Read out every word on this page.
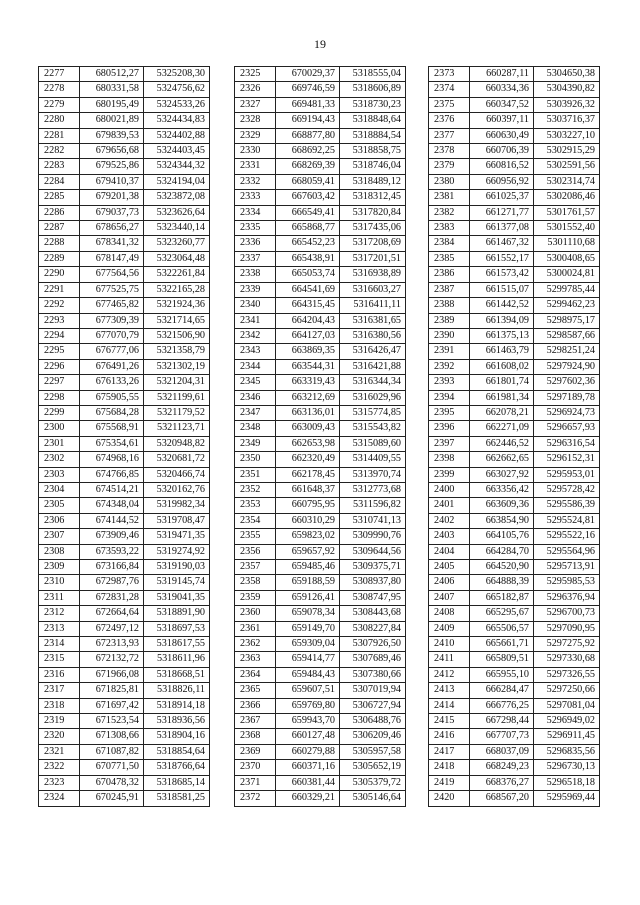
19
2277	680512,27	5325208,30
2278	680331,58	5324756,62
2279	680195,49	5324533,26
2280	680021,89	5324434,83
2281	679839,53	5324402,88
2282	679656,68	5324403,45
2283	679525,86	5324344,32
2284	679410,37	5324194,04
2285	679201,38	5323872,08
2286	679037,73	5323626,64
2287	678656,27	5323440,14
2288	678341,32	5323260,77
2289	678147,49	5323064,48
2290	677564,56	5322261,84
2291	677525,75	5322165,28
2292	677465,82	5321924,36
2293	677309,39	5321714,65
2294	677070,79	5321506,90
2295	676777,06	5321358,79
2296	676491,26	5321302,19
2297	676133,26	5321204,31
2298	675905,55	5321199,61
2299	675684,28	5321179,52
2300	675568,91	5321123,71
2301	675354,61	5320948,82
2302	674968,16	5320681,72
2303	674766,85	5320466,74
2304	674514,21	5320162,76
2305	674348,04	5319982,34
2306	674144,52	5319708,47
2307	673909,46	5319471,35
2308	673593,22	5319274,92
2309	673166,84	5319190,03
2310	672987,76	5319145,74
2311	672831,28	5319041,35
2312	672664,64	5318891,90
2313	672497,12	5318697,53
2314	672313,93	5318617,55
2315	672132,72	5318611,96
2316	671966,08	5318668,51
2317	671825,81	5318826,11
2318	671697,42	5318914,18
2319	671523,54	5318936,56
2320	671308,66	5318904,16
2321	671087,82	5318854,64
2322	670771,50	5318766,64
2323	670478,32	5318685,14
2324	670245,91	5318581,25
2325	670029,37	5318555,04
2326	669746,59	5318606,89
2327	669481,33	5318730,23
2328	669194,43	5318848,64
2329	668877,80	5318884,54
2330	668692,25	5318858,75
2331	668269,39	5318746,04
2332	668059,41	5318489,12
2333	667603,42	5318312,45
2334	666549,41	5317820,84
2335	665868,77	5317435,06
2336	665452,23	5317208,69
2337	665438,91	5317201,51
2338	665053,74	5316938,89
2339	664541,69	5316603,27
2340	664315,45	5316411,11
2341	664204,43	5316381,65
2342	664127,03	5316380,56
2343	663869,35	5316426,47
2344	663544,31	5316421,88
2345	663319,43	5316344,34
2346	663212,69	5316029,96
2347	663136,01	5315774,85
2348	663009,43	5315543,82
2349	662653,98	5315089,60
2350	662320,49	5314409,55
2351	662178,45	5313970,74
2352	661648,37	5312773,68
2353	660795,95	5311596,82
2354	660310,29	5310741,13
2355	659823,02	5309990,76
2356	659657,92	5309644,56
2357	659485,46	5309375,71
2358	659188,59	5308937,80
2359	659126,41	5308747,95
2360	659078,34	5308443,68
2361	659149,70	5308227,84
2362	659309,04	5307926,50
2363	659414,77	5307689,46
2364	659484,43	5307380,66
2365	659607,51	5307019,94
2366	659769,80	5306727,94
2367	659943,70	5306488,76
2368	660127,48	5306209,46
2369	660279,88	5305957,58
2370	660371,16	5305652,19
2371	660381,44	5305379,72
2372	660329,21	5305146,64
2373	660287,11	5304650,38
2374	660334,36	5304390,82
2375	660347,52	5303926,32
2376	660397,11	5303716,37
2377	660630,49	5303227,10
2378	660706,39	5302915,29
2379	660816,52	5302591,56
2380	660956,92	5302314,74
2381	661025,37	5302086,46
2382	661271,77	5301761,57
2383	661377,08	5301552,40
2384	661467,32	5301110,68
2385	661552,17	5300408,65
2386	661573,42	5300024,81
2387	661515,07	5299785,44
2388	661442,52	5299462,23
2389	661394,09	5298975,17
2390	661375,13	5298587,66
2391	661463,79	5298251,24
2392	661608,02	5297924,90
2393	661801,74	5297602,36
2394	661981,34	5297189,78
2395	662078,21	5296924,73
2396	662271,09	5296657,93
2397	662446,52	5296316,54
2398	662662,65	5296152,31
2399	663027,92	5295953,01
2400	663356,42	5295728,42
2401	663609,36	5295586,39
2402	663854,90	5295524,81
2403	664105,76	5295522,16
2404	664284,70	5295564,96
2405	664520,90	5295713,91
2406	664888,39	5295985,53
2407	665182,87	5296376,94
2408	665295,67	5296700,73
2409	665506,57	5297090,95
2410	665661,71	5297275,92
2411	665809,51	5297330,68
2412	665955,10	5297326,55
2413	666284,47	5297250,66
2414	666776,25	5297081,04
2415	667298,44	5296949,02
2416	667707,73	5296911,45
2417	668037,09	5296835,56
2418	668249,23	5296730,13
2419	668376,27	5296518,18
2420	668567,20	5295969,44
